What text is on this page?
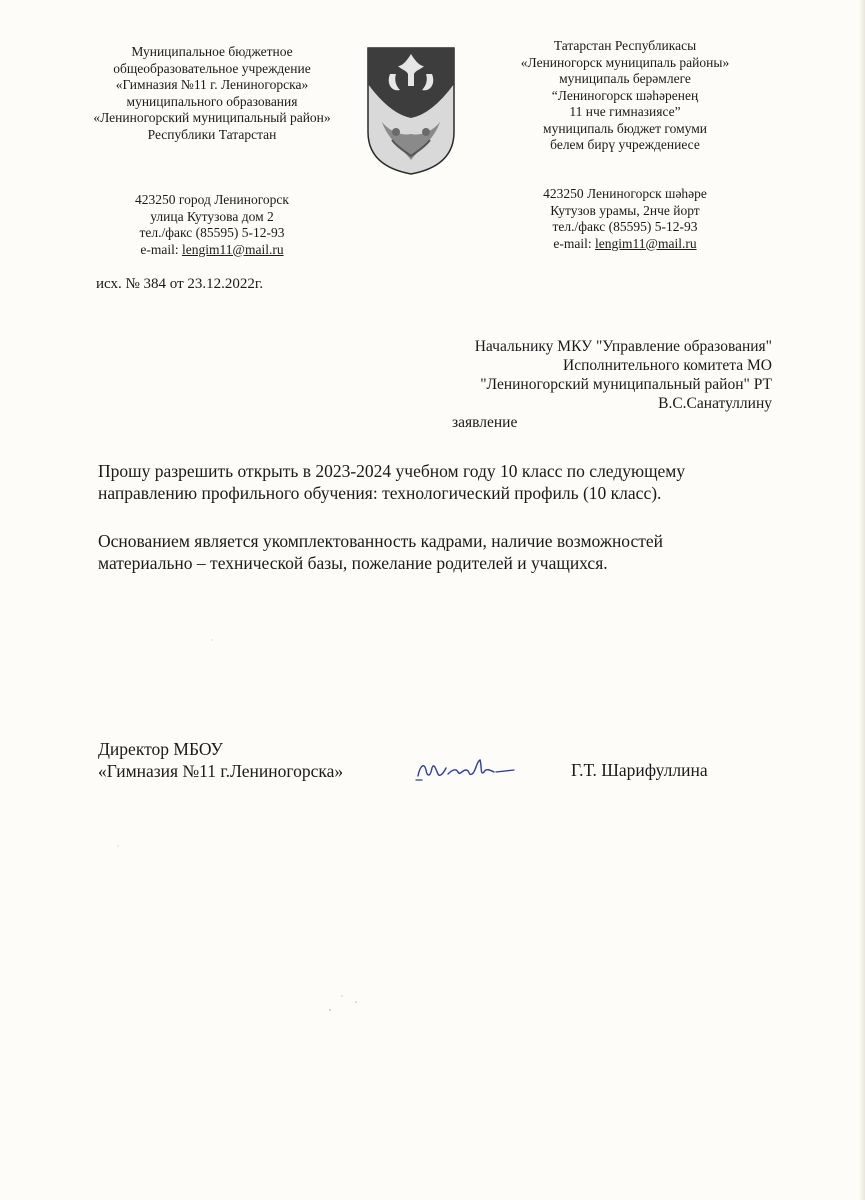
Муниципальное бюджетное
общеобразовательное учреждение
«Гимназия №11 г. Лениногорска»
муниципального образования
«Лениногорский муниципальный район»
Республики Татарстан
Татарстан Республикасы
«Лениногорск муниципаль районы»
муниципаль берәмлеге
“Лениногорск шәһәренең
11 нче гимназиясе”
муниципаль бюджет гомуми
белем бирү учреждениесе
423250 город Лениногорск
улица Кутузова дом 2
тел./факс (85595) 5-12-93
e-mail: lengim11@mail.ru
423250 Лениногорск шәһәре
Кутузов урамы, 2нче йорт
тел./факс (85595) 5-12-93
e-mail: lengim11@mail.ru
исх. № 384 от 23.12.2022г.
Начальнику МКУ "Управление образования"
Исполнительного комитета МО
"Лениногорский муниципальный район" РТ
В.С.Санатуллину
заявление
Прошу разрешить открыть в 2023-2024 учебном году 10 класс по следующему
направлению профильного обучения: технологический профиль (10 класс).
Основанием является укомплектованность кадрами, наличие возможностей
материально – технической базы, пожелание родителей и учащихся.
Директор МБОУ
«Гимназия №11 г.Лениногорска»	Г.Т. Шарифуллина
